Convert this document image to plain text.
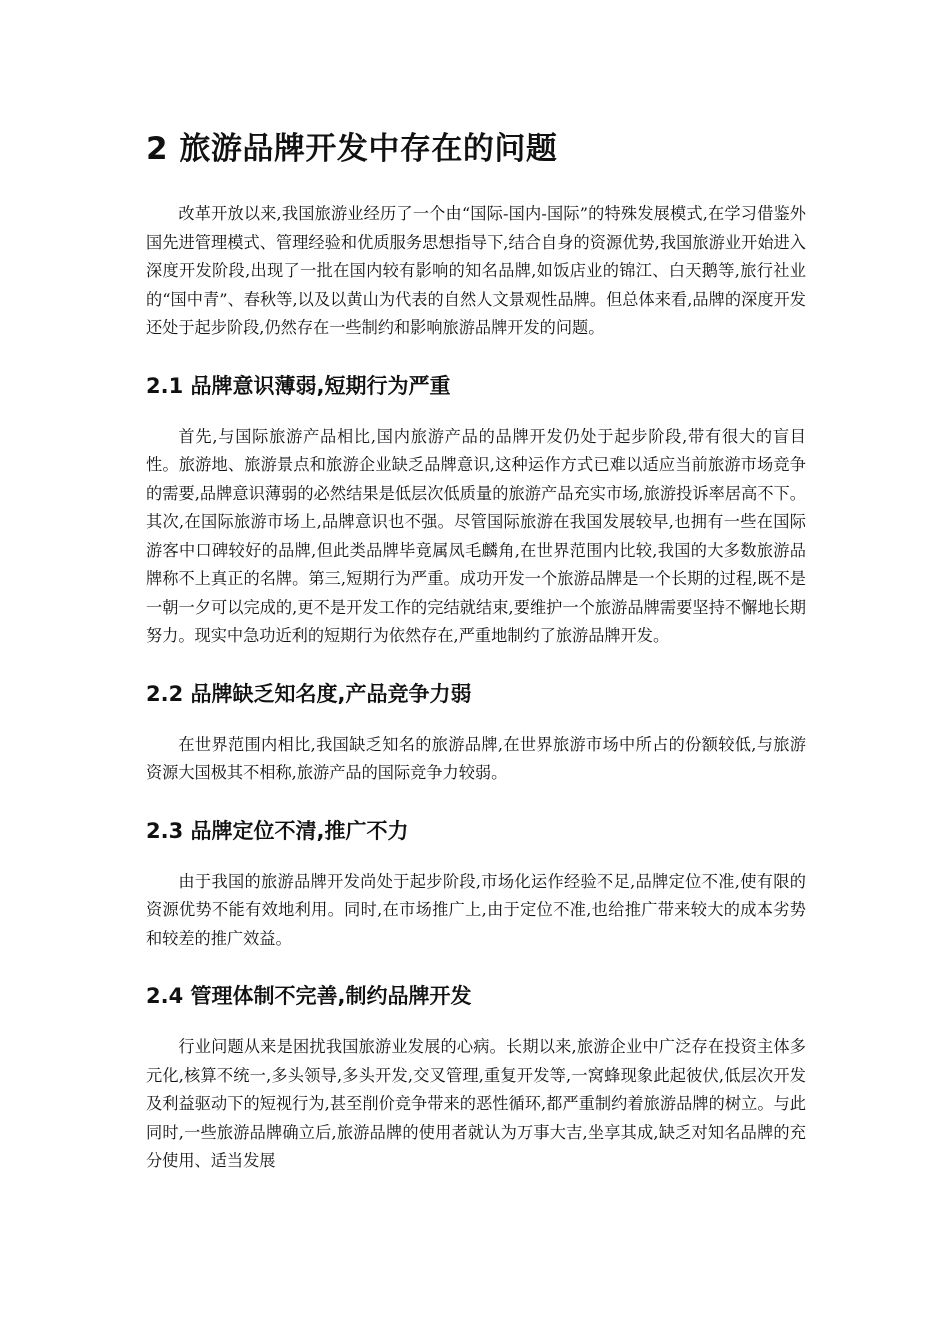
2 旅游品牌开发中存在的问题

改革开放以来,我国旅游业经历了一个由“国际-国内-国际”的特殊发展模式,在学习借鉴外国先进管理模式、管理经验和优质服务思想指导下,结合自身的资源优势,我国旅游业开始进入深度开发阶段,出现了一批在国内较有影响的知名品牌,如饭店业的锦江、白天鹅等,旅行社业的“国中青”、春秋等,以及以黄山为代表的自然人文景观性品牌。但总体来看,品牌的深度开发还处于起步阶段,仍然存在一些制约和影响旅游品牌开发的问题。

2.1 品牌意识薄弱,短期行为严重

首先,与国际旅游产品相比,国内旅游产品的品牌开发仍处于起步阶段,带有很大的盲目性。旅游地、旅游景点和旅游企业缺乏品牌意识,这种运作方式已难以适应当前旅游市场竞争的需要,品牌意识薄弱的必然结果是低层次低质量的旅游产品充实市场,旅游投诉率居高不下。其次,在国际旅游市场上,品牌意识也不强。尽管国际旅游在我国发展较早,也拥有一些在国际游客中口碑较好的品牌,但此类品牌毕竟属凤毛麟角,在世界范围内比较,我国的大多数旅游品牌称不上真正的名牌。第三,短期行为严重。成功开发一个旅游品牌是一个长期的过程,既不是一朝一夕可以完成的,更不是开发工作的完结就结束,要维护一个旅游品牌需要坚持不懈地长期努力。现实中急功近利的短期行为依然存在,严重地制约了旅游品牌开发。

2.2 品牌缺乏知名度,产品竞争力弱

在世界范围内相比,我国缺乏知名的旅游品牌,在世界旅游市场中所占的份额较低,与旅游资源大国极其不相称,旅游产品的国际竞争力较弱。

2.3 品牌定位不清,推广不力

由于我国的旅游品牌开发尚处于起步阶段,市场化运作经验不足,品牌定位不准,使有限的资源优势不能有效地利用。同时,在市场推广上,由于定位不准,也给推广带来较大的成本劣势和较差的推广效益。

2.4 管理体制不完善,制约品牌开发

行业问题从来是困扰我国旅游业发展的心病。长期以来,旅游企业中广泛存在投资主体多元化,核算不统一,多头领导,多头开发,交叉管理,重复开发等,一窝蜂现象此起彼伏,低层次开发及利益驱动下的短视行为,甚至削价竞争带来的恶性循环,都严重制约着旅游品牌的树立。与此同时,一些旅游品牌确立后,旅游品牌的使用者就认为万事大吉,坐享其成,缺乏对知名品牌的充分使用、适当发展
